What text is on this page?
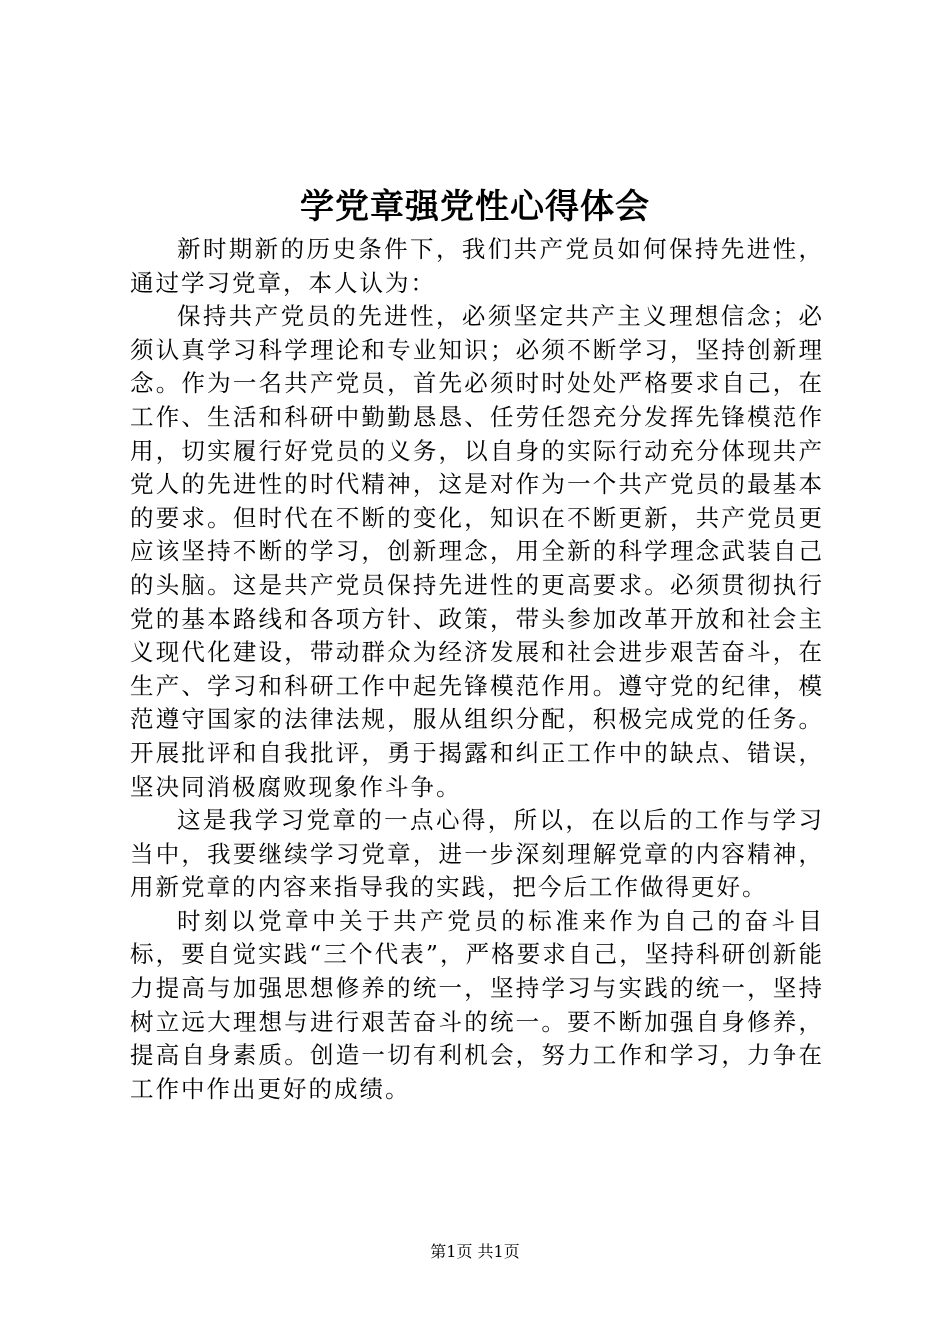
学党章强党性心得体会

新时期新的历史条件下，我们共产党员如何保持先进性，通过学习党章，本人认为：

保持共产党员的先进性，必须坚定共产主义理想信念；必须认真学习科学理论和专业知识；必须不断学习，坚持创新理念。作为一名共产党员，首先必须时时处处严格要求自己，在工作、生活和科研中勤勤恳恳、任劳任怨充分发挥先锋模范作用，切实履行好党员的义务，以自身的实际行动充分体现共产党人的先进性的时代精神，这是对作为一个共产党员的最基本的要求。但时代在不断的变化，知识在不断更新，共产党员更应该坚持不断的学习，创新理念，用全新的科学理念武装自己的头脑。这是共产党员保持先进性的更高要求。必须贯彻执行党的基本路线和各项方针、政策，带头参加改革开放和社会主义现代化建设，带动群众为经济发展和社会进步艰苦奋斗，在生产、学习和科研工作中起先锋模范作用。遵守党的纪律，模范遵守国家的法律法规，服从组织分配，积极完成党的任务。开展批评和自我批评，勇于揭露和纠正工作中的缺点、错误，坚决同消极腐败现象作斗争。

这是我学习党章的一点心得，所以，在以后的工作与学习当中，我要继续学习党章，进一步深刻理解党章的内容精神，用新党章的内容来指导我的实践，把今后工作做得更好。

时刻以党章中关于共产党员的标准来作为自己的奋斗目标，要自觉实践“三个代表”，严格要求自己，坚持科研创新能力提高与加强思想修养的统一，坚持学习与实践的统一，坚持树立远大理想与进行艰苦奋斗的统一。要不断加强自身修养，提高自身素质。创造一切有利机会，努力工作和学习，力争在工作中作出更好的成绩。

第1页 共1页
